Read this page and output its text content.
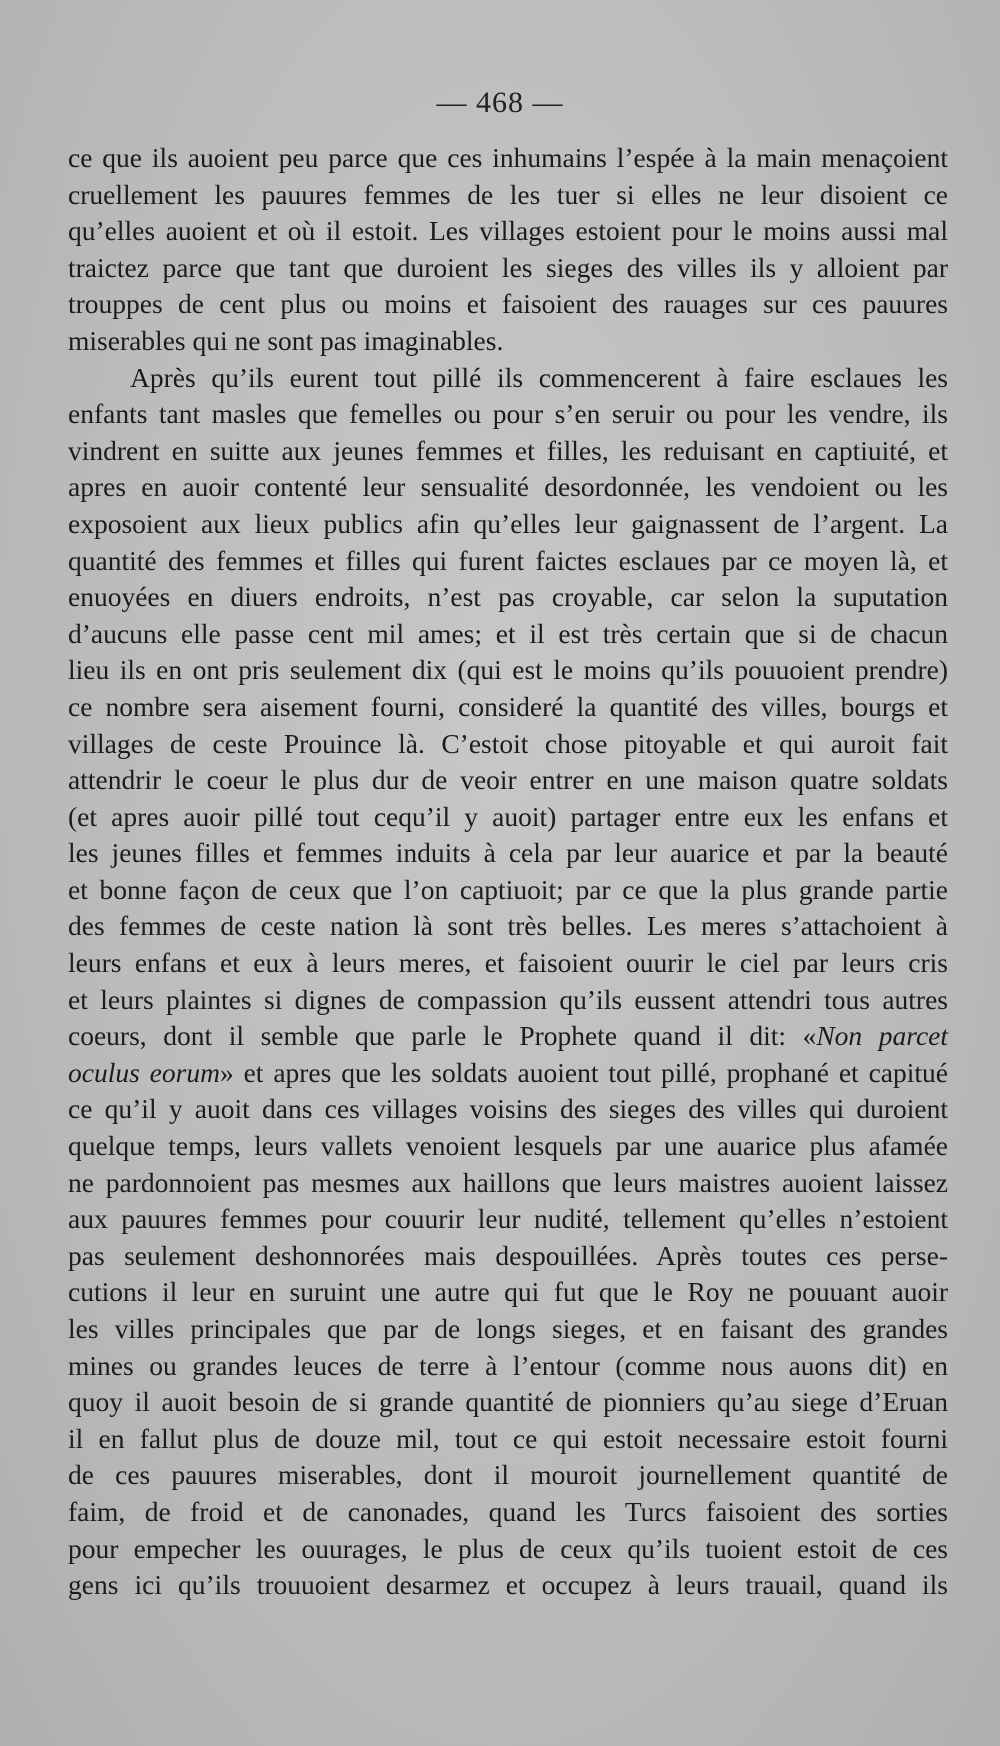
— 468 —
ce que ils auoient peu parce que ces inhumains l’espée à la main menaçoient
cruellement les pauures femmes de les tuer si elles ne leur disoient ce
qu’elles auoient et où il estoit. Les villages estoient pour le moins aussi mal
traictez parce que tant que duroient les sieges des villes ils y alloient par
trouppes de cent plus ou moins et faisoient des rauages sur ces pauures
miserables qui ne sont pas imaginables.
Après qu’ils eurent tout pillé ils commencerent à faire esclaues les
enfants tant masles que femelles ou pour s’en seruir ou pour les vendre, ils
vindrent en suitte aux jeunes femmes et filles, les reduisant en captiuité, et
apres en auoir contenté leur sensualité desordonnée, les vendoient ou les
exposoient aux lieux publics afin qu’elles leur gaignassent de l’argent. La
quantité des femmes et filles qui furent faictes esclaues par ce moyen là, et
enuoyées en diuers endroits, n’est pas croyable, car selon la suputation
d’aucuns elle passe cent mil ames; et il est très certain que si de chacun
lieu ils en ont pris seulement dix (qui est le moins qu’ils pouuoient prendre)
ce nombre sera aisement fourni, consideré la quantité des villes, bourgs et
villages de ceste Prouince là. C’estoit chose pitoyable et qui auroit fait
attendrir le coeur le plus dur de veoir entrer en une maison quatre soldats
(et apres auoir pillé tout cequ’il y auoit) partager entre eux les enfans et
les jeunes filles et femmes induits à cela par leur auarice et par la beauté
et bonne façon de ceux que l’on captiuoit; par ce que la plus grande partie
des femmes de ceste nation là sont très belles. Les meres s’attachoient à
leurs enfans et eux à leurs meres, et faisoient ouurir le ciel par leurs cris
et leurs plaintes si dignes de compassion qu’ils eussent attendri tous autres
coeurs, dont il semble que parle le Prophete quand il dit: «Non parcet
oculus eorum» et apres que les soldats auoient tout pillé, prophané et capitué
ce qu’il y auoit dans ces villages voisins des sieges des villes qui duroient
quelque temps, leurs vallets venoient lesquels par une auarice plus afamée
ne pardonnoient pas mesmes aux haillons que leurs maistres auoient laissez
aux pauures femmes pour couurir leur nudité, tellement qu’elles n’estoient
pas seulement deshonnorées mais despouillées. Après toutes ces perse-
cutions il leur en suruint une autre qui fut que le Roy ne pouuant auoir
les villes principales que par de longs sieges, et en faisant des grandes
mines ou grandes leuces de terre à l’entour (comme nous auons dit) en
quoy il auoit besoin de si grande quantité de pionniers qu’au siege d’Eruan
il en fallut plus de douze mil, tout ce qui estoit necessaire estoit fourni
de ces pauures miserables, dont il mouroit journellement quantité de
faim, de froid et de canonades, quand les Turcs faisoient des sorties
pour empecher les ouurages, le plus de ceux qu’ils tuoient estoit de ces
gens ici qu’ils trouuoient desarmez et occupez à leurs trauail, quand ils
